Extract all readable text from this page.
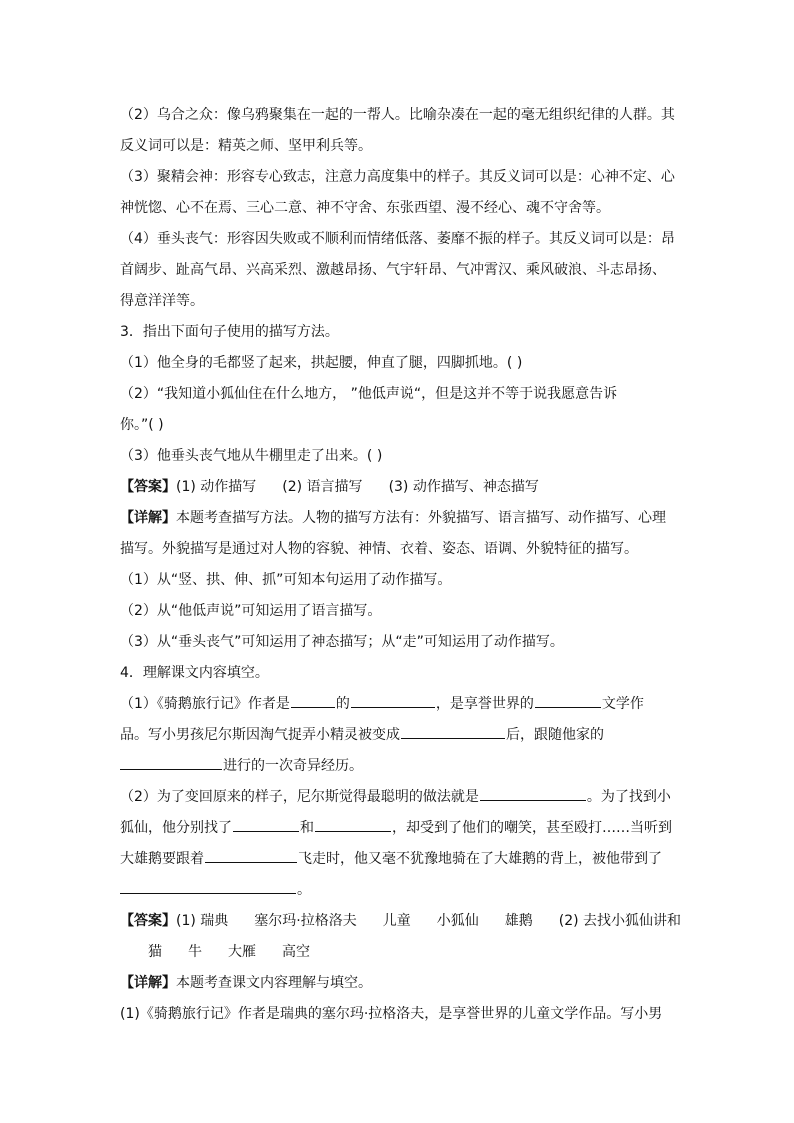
（2）乌合之众：像乌鸦聚集在一起的一帮人。比喻杂凑在一起的毫无组织纪律的人群。其
反义词可以是：精英之师、坚甲利兵等。
（3）聚精会神：形容专心致志，注意力高度集中的样子。其反义词可以是：心神不定、心
神恍惚、心不在焉、三心二意、神不守舍、东张西望、漫不经心、魂不守舍等。
（4）垂头丧气：形容因失败或不顺利而情绪低落、萎靡不振的样子。其反义词可以是：昂
首阔步、趾高气昂、兴高采烈、激越昂扬、气宇轩昂、气冲霄汉、乘风破浪、斗志昂扬、
得意洋洋等。
3．指出下面句子使用的描写方法。
（1）他全身的毛都竖了起来，拱起腰，伸直了腿，四脚抓地。( )
（2）“我知道小狐仙住在什么地方， ”他低声说“，但是这并不等于说我愿意告诉
你。”( )
（3）他垂头丧气地从牛棚里走了出来。( )
【答案】(1) 动作描写 (2) 语言描写 (3) 动作描写、神态描写
【详解】本题考查描写方法。人物的描写方法有：外貌描写、语言描写、动作描写、心理
描写。外貌描写是通过对人物的容貌、神情、衣着、姿态、语调、外貌特征的描写。
（1）从“竖、拱、伸、抓”可知本句运用了动作描写。
（2）从“他低声说”可知运用了语言描写。
（3）从“垂头丧气”可知运用了神态描写；从“走”可知运用了动作描写。
4．理解课文内容填空。
（1）《骑鹅旅行记》作者是	的	，是享誉世界的	文学作
品。写小男孩尼尔斯因淘气捉弄小精灵被变成	后，跟随他家的
进行的一次奇异经历。
（2）为了变回原来的样子，尼尔斯觉得最聪明的做法就是	。为了找到小
狐仙，他分别找了	和	，却受到了他们的嘲笑，甚至殴打……当听到
大雄鹅要跟着	飞走时，他又毫不犹豫地骑在了大雄鹅的背上，被他带到了
。
【答案】(1) 瑞典 塞尔玛·拉格洛夫 儿童 小狐仙 雄鹅 (2) 去找小狐仙讲和
猫 牛 大雁 高空
【详解】本题考查课文内容理解与填空。
(1)《骑鹅旅行记》作者是瑞典的塞尔玛·拉格洛夫，是享誉世界的儿童文学作品。写小男
